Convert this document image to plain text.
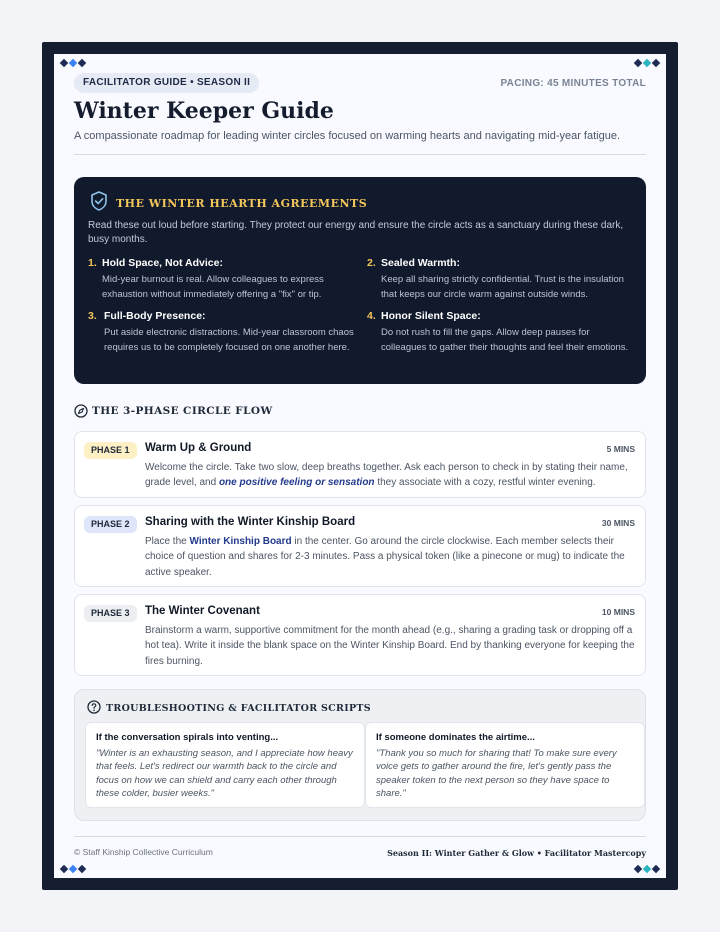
FACILITATOR GUIDE • SEASON II	PACING: 45 MINUTES TOTAL
Winter Keeper Guide
A compassionate roadmap for leading winter circles focused on warming hearts and navigating mid-year fatigue.
THE WINTER HEARTH AGREEMENTS
Read these out loud before starting. They protect our energy and ensure the circle acts as a sanctuary during these dark, busy months.
1. Hold Space, Not Advice:
Mid-year burnout is real. Allow colleagues to express exhaustion without immediately offering a "fix" or tip.
2. Sealed Warmth:
Keep all sharing strictly confidential. Trust is the insulation that keeps our circle warm against outside winds.
3. Full-Body Presence:
Put aside electronic distractions. Mid-year classroom chaos requires us to be completely focused on one another here.
4. Honor Silent Space:
Do not rush to fill the gaps. Allow deep pauses for colleagues to gather their thoughts and feel their emotions.
THE 3-PHASE CIRCLE FLOW
PHASE 1	Warm Up & Ground	5 MINS
Welcome the circle. Take two slow, deep breaths together. Ask each person to check in by stating their name, grade level, and one positive feeling or sensation they associate with a cozy, restful winter evening.
PHASE 2	Sharing with the Winter Kinship Board	30 MINS
Place the Winter Kinship Board in the center. Go around the circle clockwise. Each member selects their choice of question and shares for 2-3 minutes. Pass a physical token (like a pinecone or mug) to indicate the active speaker.
PHASE 3	The Winter Covenant	10 MINS
Brainstorm a warm, supportive commitment for the month ahead (e.g., sharing a grading task or dropping off a hot tea). Write it inside the blank space on the Winter Kinship Board. End by thanking everyone for keeping the fires burning.
TROUBLESHOOTING & FACILITATOR SCRIPTS
If the conversation spirals into venting...
"Winter is an exhausting season, and I appreciate how heavy that feels. Let's redirect our warmth back to the circle and focus on how we can shield and carry each other through these colder, busier weeks."
If someone dominates the airtime...
"Thank you so much for sharing that! To make sure every voice gets to gather around the fire, let's gently pass the speaker token to the next person so they have space to share."
© Staff Kinship Collective Curriculum	Season II: Winter Gather & Glow • Facilitator Mastercopy
